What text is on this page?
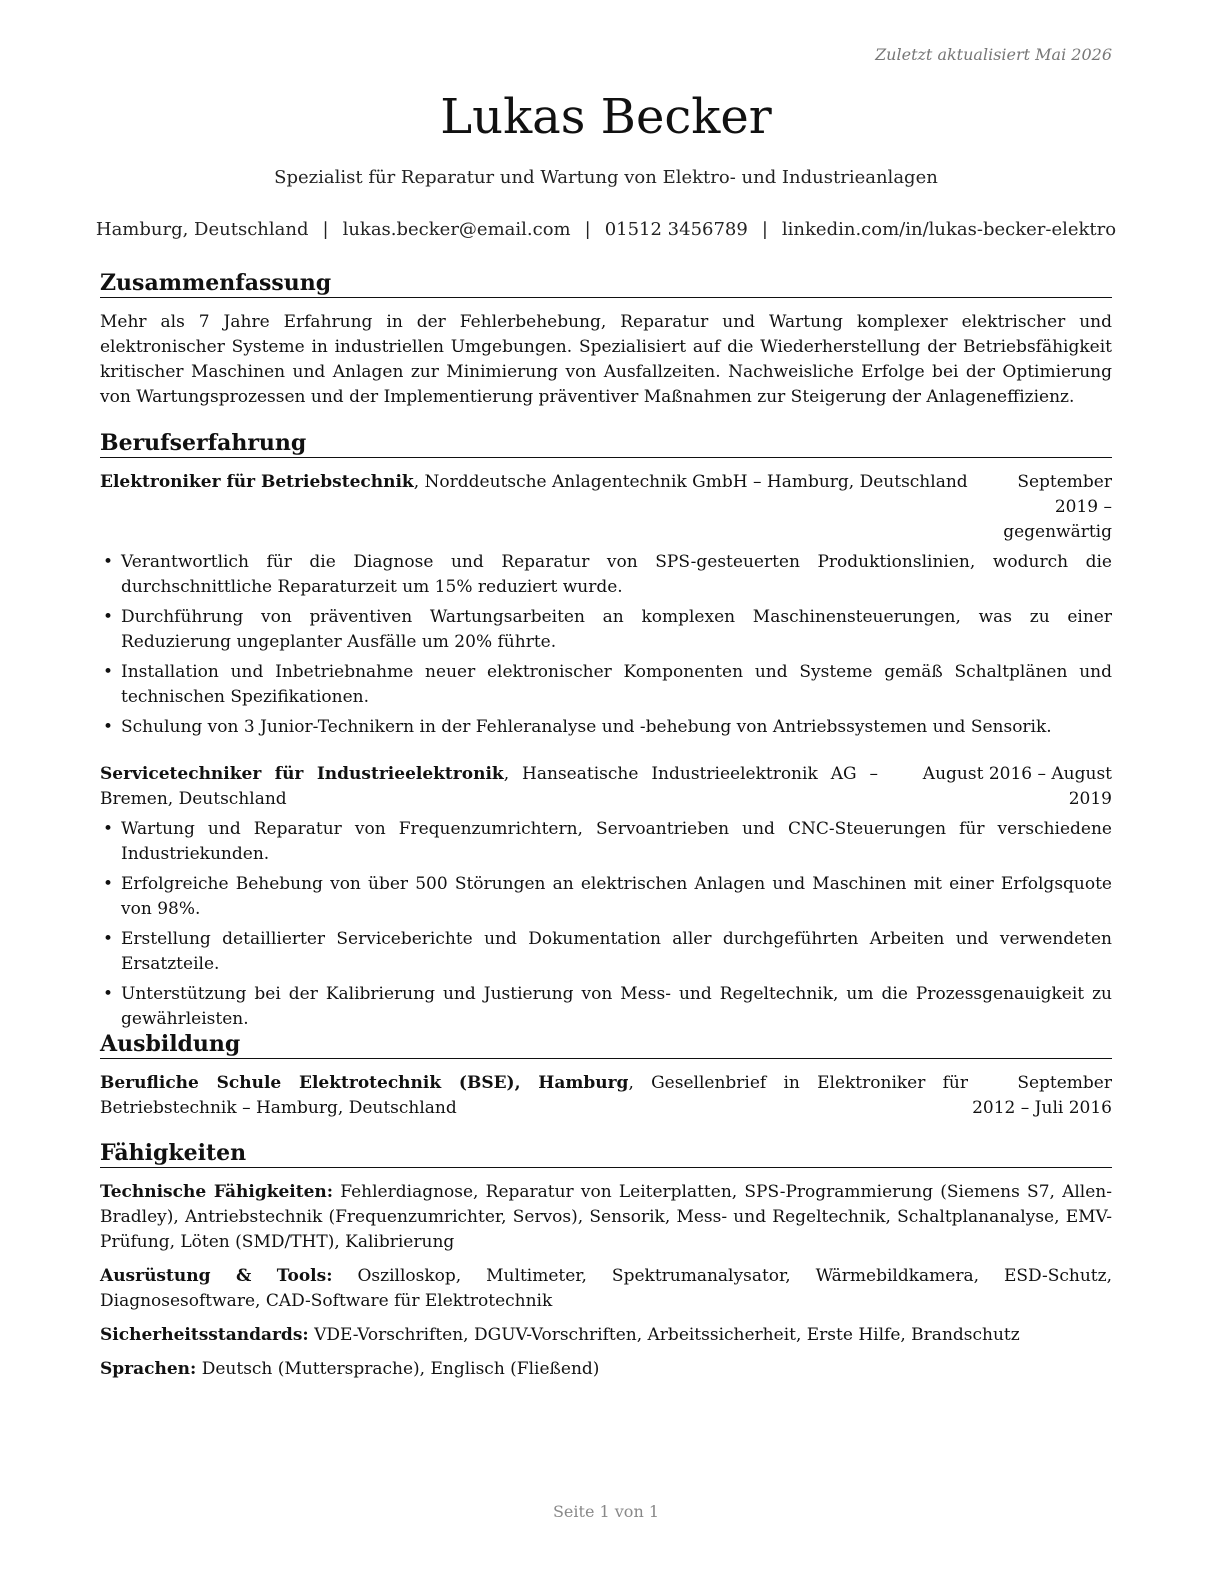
Zuletzt aktualisiert Mai 2026
Lukas Becker
Spezialist für Reparatur und Wartung von Elektro- und Industrieanlagen
Hamburg, Deutschland | lukas.becker@email.com | 01512 3456789 | linkedin.com/in/lukas-becker-elektro
Zusammenfassung

Mehr als 7 Jahre Erfahrung in der Fehlerbehebung, Reparatur und Wartung komplexer elektrischer und elektronischer Systeme in industriellen Umgebungen. Spezialisiert auf die Wiederherstellung der Betriebsfähigkeit kritischer Maschinen und Anlagen zur Minimierung von Ausfallzeiten. Nachweisliche Erfolge bei der Optimierung von Wartungsprozessen und der Implementierung präventiver Maßnahmen zur Steigerung der Anlageneffizienz.

Berufserfahrung
Elektroniker für Betriebstechnik, Norddeutsche Anlagentechnik GmbH – Hamburg, Deutschland	September 2019 – gegenwärtig
• Verantwortlich für die Diagnose und Reparatur von SPS-gesteuerten Produktionslinien, wodurch die durchschnittliche Reparaturzeit um 15% reduziert wurde.
• Durchführung von präventiven Wartungsarbeiten an komplexen Maschinensteuerungen, was zu einer Reduzierung ungeplanter Ausfälle um 20% führte.
• Installation und Inbetriebnahme neuer elektronischer Komponenten und Systeme gemäß Schaltplänen und technischen Spezifikationen.
• Schulung von 3 Junior-Technikern in der Fehleranalyse und -behebung von Antriebssystemen und Sensorik.
Servicetechniker für Industrieelektronik, Hanseatische Industrieelektronik AG – Bremen, Deutschland
August 2016 – August 2019
• Wartung und Reparatur von Frequenzumrichtern, Servoantrieben und CNC-Steuerungen für verschiedene Industriekunden.
• Erfolgreiche Behebung von über 500 Störungen an elektrischen Anlagen und Maschinen mit einer Erfolgsquote von 98%.
• Erstellung detaillierter Serviceberichte und Dokumentation aller durchgeführten Arbeiten und verwendeten Ersatzteile.
• Unterstützung bei der Kalibrierung und Justierung von Mess- und Regeltechnik, um die Prozessgenauigkeit zu gewährleisten.
Ausbildung
Berufliche Schule Elektrotechnik (BSE), Hamburg, Gesellenbrief in Elektroniker für Betriebstechnik – Hamburg, Deutschland
September 2012 – Juli 2016
Fähigkeiten

Technische Fähigkeiten: Fehlerdiagnose, Reparatur von Leiterplatten, SPS-Programmierung (Siemens S7, Allen-Bradley), Antriebstechnik (Frequenzumrichter, Servos), Sensorik, Mess- und Regeltechnik, Schaltplananalyse, EMV-Prüfung, Löten (SMD/THT), Kalibrierung

Ausrüstung & Tools: Oszilloskop, Multimeter, Spektrumanalysator, Wärmebildkamera, ESD-Schutz, Diagnosesoftware, CAD-Software für Elektrotechnik

Sicherheitsstandards: VDE-Vorschriften, DGUV-Vorschriften, Arbeitssicherheit, Erste Hilfe, Brandschutz

Sprachen: Deutsch (Muttersprache), Englisch (Fließend)

Seite 1 von 1
